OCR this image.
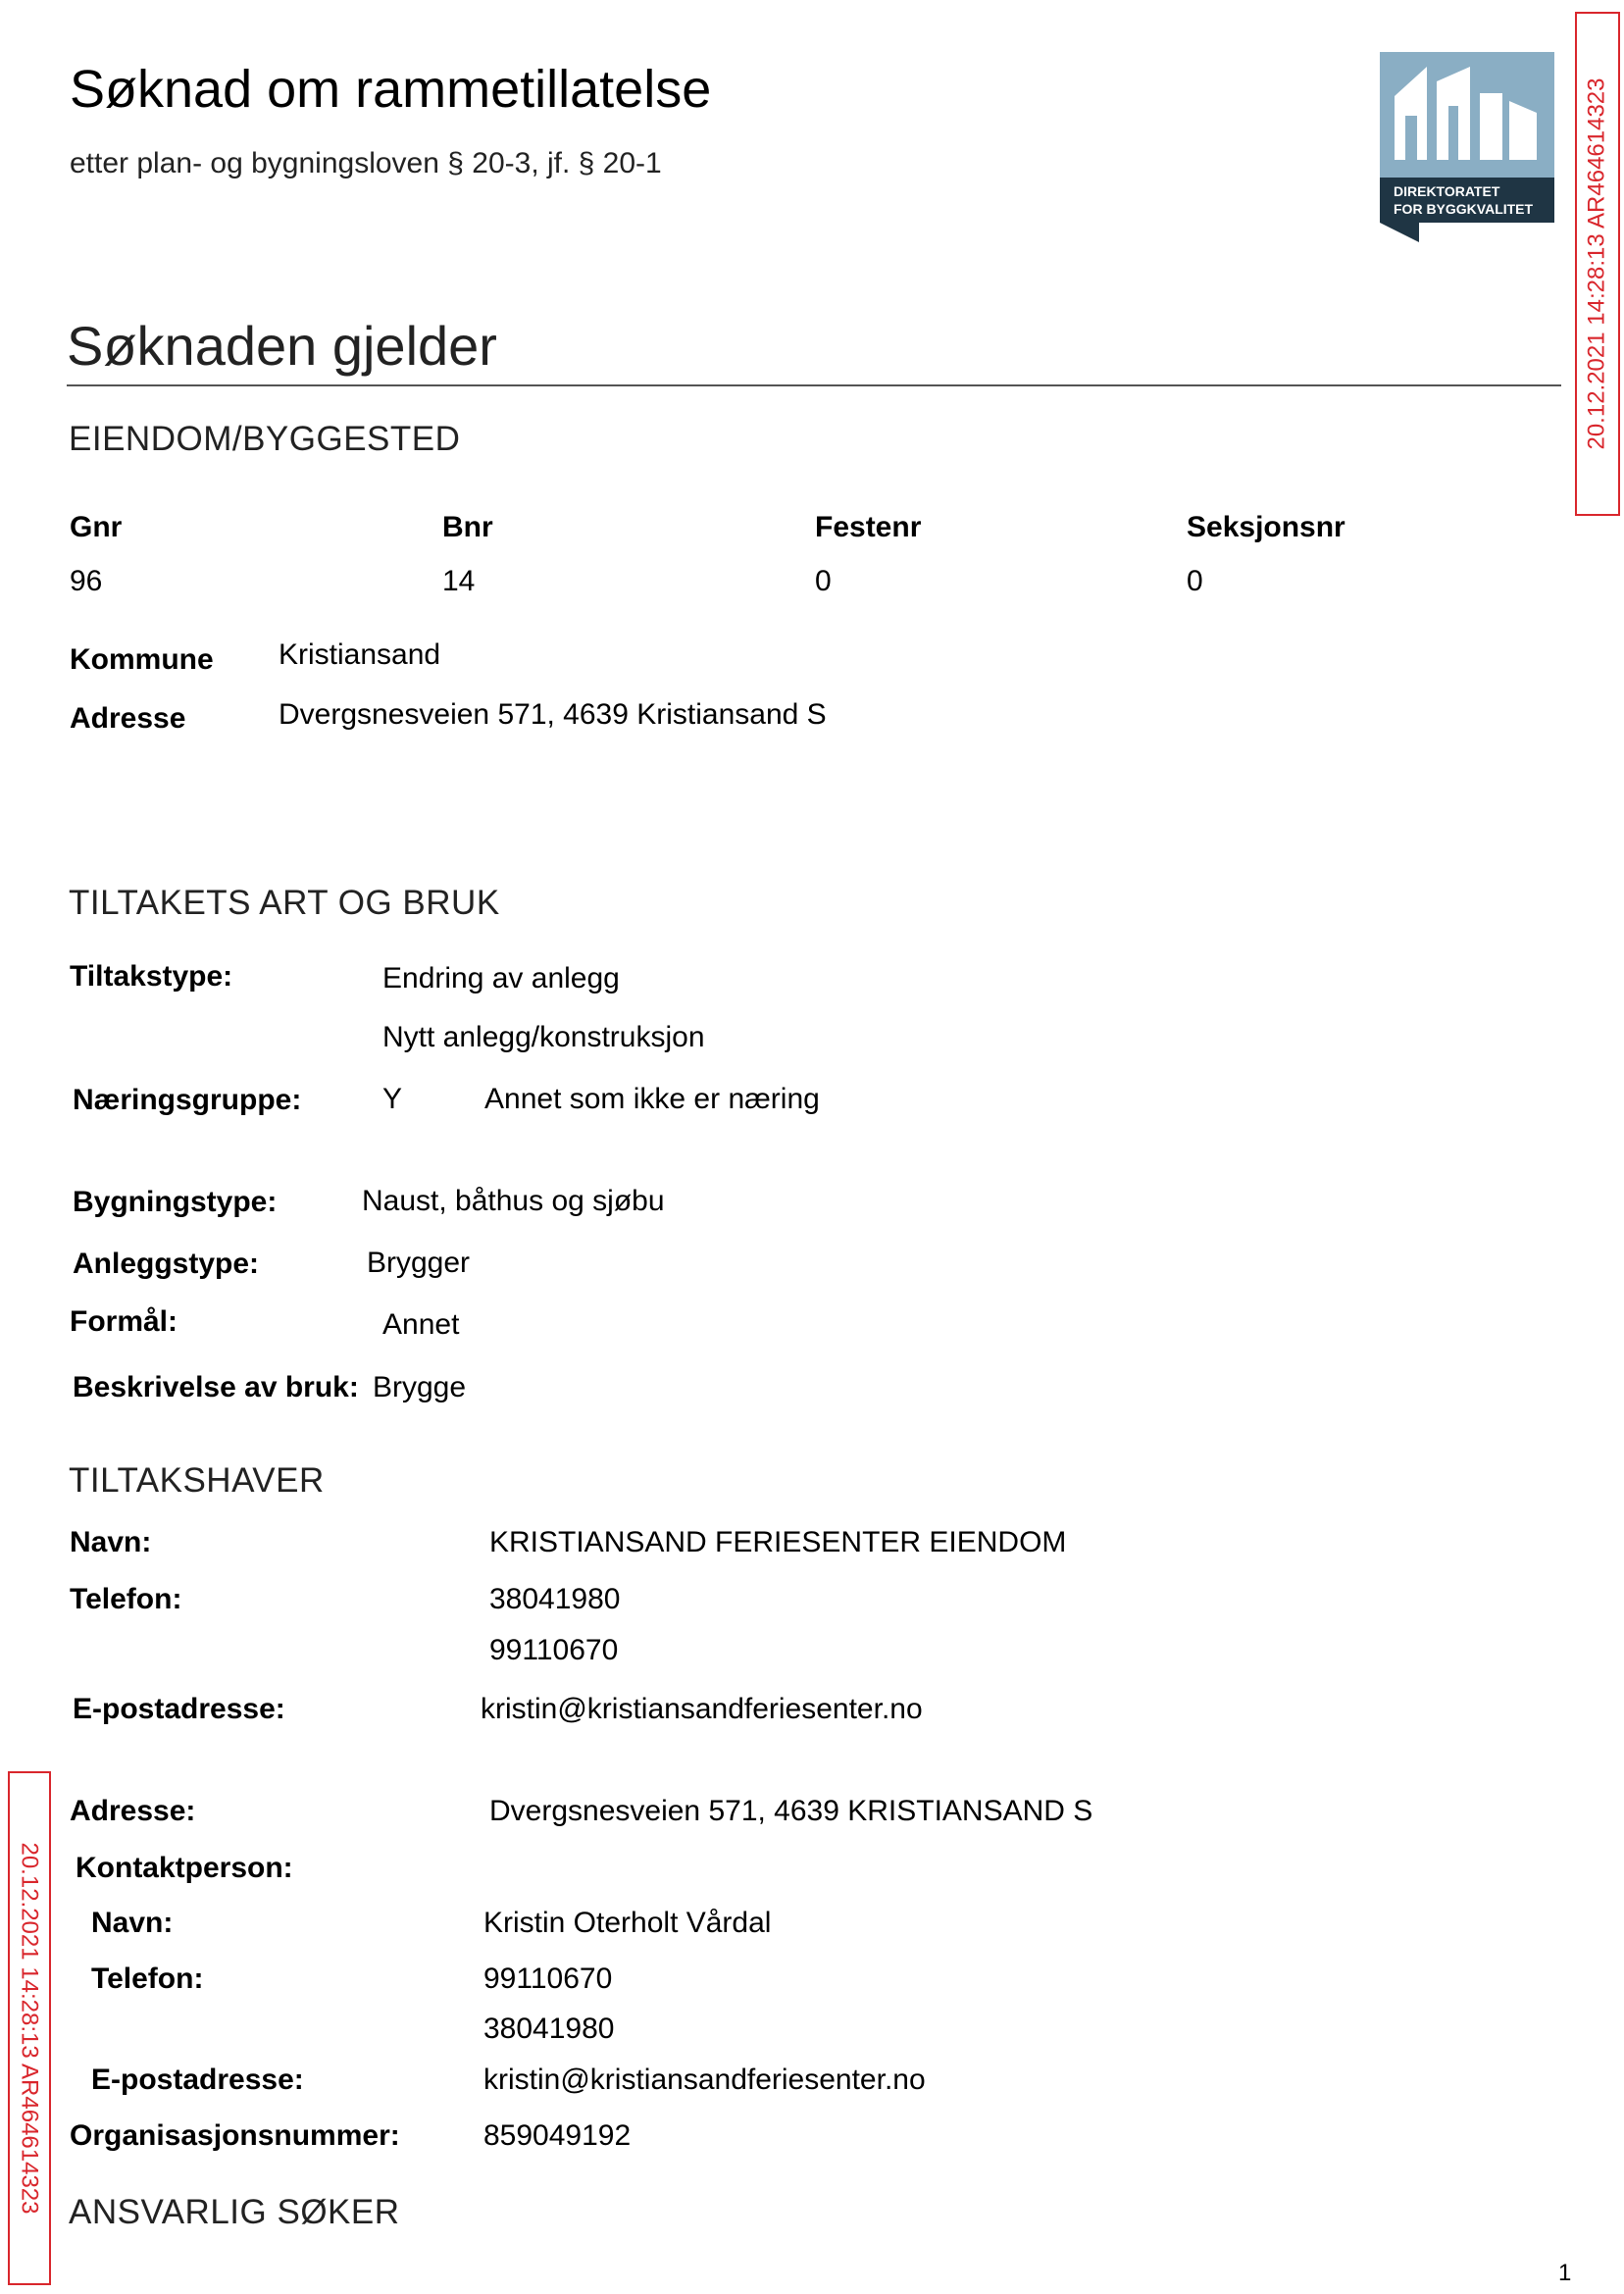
Søknad om rammetillatelse
etter plan- og bygningsloven § 20-3, jf. § 20-1
DIREKTORATET
FOR BYGGKVALITET 20.12.2021 14:28:13 AR464614323
20.12.2021 14:28:13 AR464614323
Søknaden gjelder
EIENDOM/BYGGESTED
Gnr	Bnr	Festenr	Seksjonsnr
96	14	0	0
Kommune Kristiansand
Adresse	Dvergsnesveien 571, 4639 Kristiansand S
TILTAKETS ART OG BRUK
Tiltakstype:	Endring av anlegg
Nytt anlegg/konstruksjon
Næringsgruppe:	Y	Annet som ikke er næring
Bygningstype:	Naust, båthus og sjøbu
Anleggstype:	Brygger
Formål:	Annet
Beskrivelse av bruk: Brygge
TILTAKSHAVER
Navn:	KRISTIANSAND FERIESENTER EIENDOM
Telefon:	38041980
99110670
E-postadresse:	kristin@kristiansandferiesenter.no
Adresse:	Dvergsnesveien 571, 4639 KRISTIANSAND S
Kontaktperson:
Navn:	Kristin Oterholt Vårdal
Telefon:	99110670
38041980
E-postadresse:	kristin@kristiansandferiesenter.no
Organisasjonsnummer:	859049192
ANSVARLIG SØKER
1
